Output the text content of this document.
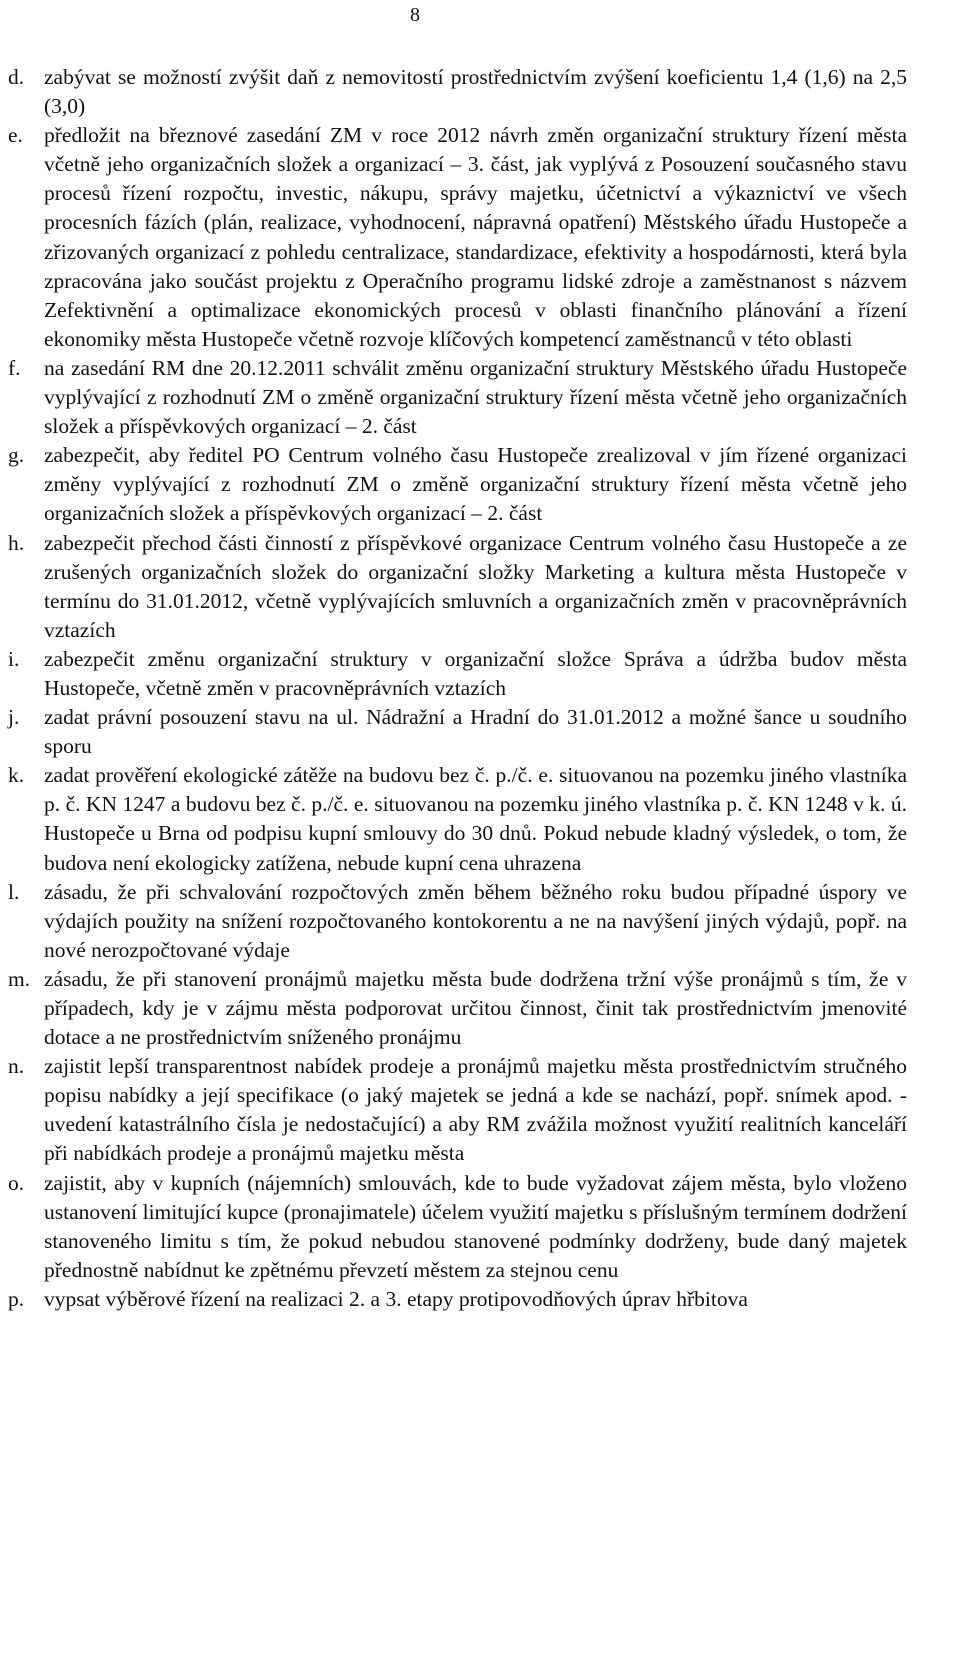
8
d. zabývat se možností zvýšit daň z nemovitostí prostřednictvím zvýšení koeficientu 1,4 (1,6) na 2,5 (3,0)
e. předložit na březnové zasedání ZM v roce 2012 návrh změn organizační struktury řízení města včetně jeho organizačních složek a organizací – 3. část, jak vyplývá z Posouzení současného stavu procesů řízení rozpočtu, investic, nákupu, správy majetku, účetnictví a výkaznictví ve všech procesních fázích (plán, realizace, vyhodnocení, nápravná opatření) Městského úřadu Hustopeče a zřizovaných organizací z pohledu centralizace, standardizace, efektivity a hospodárnosti, která byla zpracována jako součást projektu z Operačního programu lidské zdroje a zaměstnanost s názvem Zefektivnění a optimalizace ekonomických procesů v oblasti finančního plánování a řízení ekonomiky města Hustopeče včetně rozvoje klíčových kompetencí zaměstnanců v této oblasti
f. na zasedání RM dne 20.12.2011 schválit změnu organizační struktury Městského úřadu Hustopeče vyplývající z rozhodnutí ZM o změně organizační struktury řízení města včetně jeho organizačních složek a příspěvkových organizací – 2. část
g. zabezpečit, aby ředitel PO Centrum volného času Hustopeče zrealizoval v jím řízené organizaci změny vyplývající z rozhodnutí ZM o změně organizační struktury řízení města včetně jeho organizačních složek a příspěvkových organizací – 2. část
h. zabezpečit přechod části činností z příspěvkové organizace Centrum volného času Hustopeče a ze zrušených organizačních složek do organizační složky Marketing a kultura města Hustopeče v termínu do 31.01.2012, včetně vyplývajících smluvních a organizačních změn v pracovněprávních vztazích
i. zabezpečit změnu organizační struktury v organizační složce Správa a údržba budov města Hustopeče, včetně změn v pracovněprávních vztazích
j. zadat právní posouzení stavu na ul. Nádražní a Hradní do 31.01.2012 a možné šance u soudního sporu
k. zadat prověření ekologické zátěže na budovu bez č. p./č. e. situovanou na pozemku jiného vlastníka p. č. KN 1247 a budovu bez č. p./č. e. situovanou na pozemku jiného vlastníka p. č. KN 1248 v k. ú. Hustopeče u Brna od podpisu kupní smlouvy do 30 dnů. Pokud nebude kladný výsledek, o tom, že budova není ekologicky zatížena, nebude kupní cena uhrazena
l. zásadu, že při schvalování rozpočtových změn během běžného roku budou případné úspory ve výdajích použity na snížení rozpočtovaného kontokorentu a ne na navýšení jiných výdajů, popř. na nové nerozpočtované výdaje
m. zásadu, že při stanovení pronájmů majetku města bude dodržena tržní výše pronájmů s tím, že v případech, kdy je v zájmu města podporovat určitou činnost, činit tak prostřednictvím jmenovité dotace a ne prostřednictvím sníženého pronájmu
n. zajistit lepší transparentnost nabídek prodeje a pronájmů majetku města prostřednictvím stručného popisu nabídky a její specifikace (o jaký majetek se jedná a kde se nachází, popř. snímek apod. - uvedení katastrálního čísla je nedostačující) a aby RM zvážila možnost využití realitních kanceláří při nabídkách prodeje a pronájmů majetku města
o. zajistit, aby v kupních (nájemních) smlouvách, kde to bude vyžadovat zájem města, bylo vloženo ustanovení limitující kupce (pronajimatele) účelem využití majetku s příslušným termínem dodržení stanoveného limitu s tím, že pokud nebudou stanovené podmínky dodrženy, bude daný majetek přednostně nabídnut ke zpětnému převzetí městem za stejnou cenu
p. vypsat výběrové řízení na realizaci 2. a 3. etapy protipovodňových úprav hřbitova
